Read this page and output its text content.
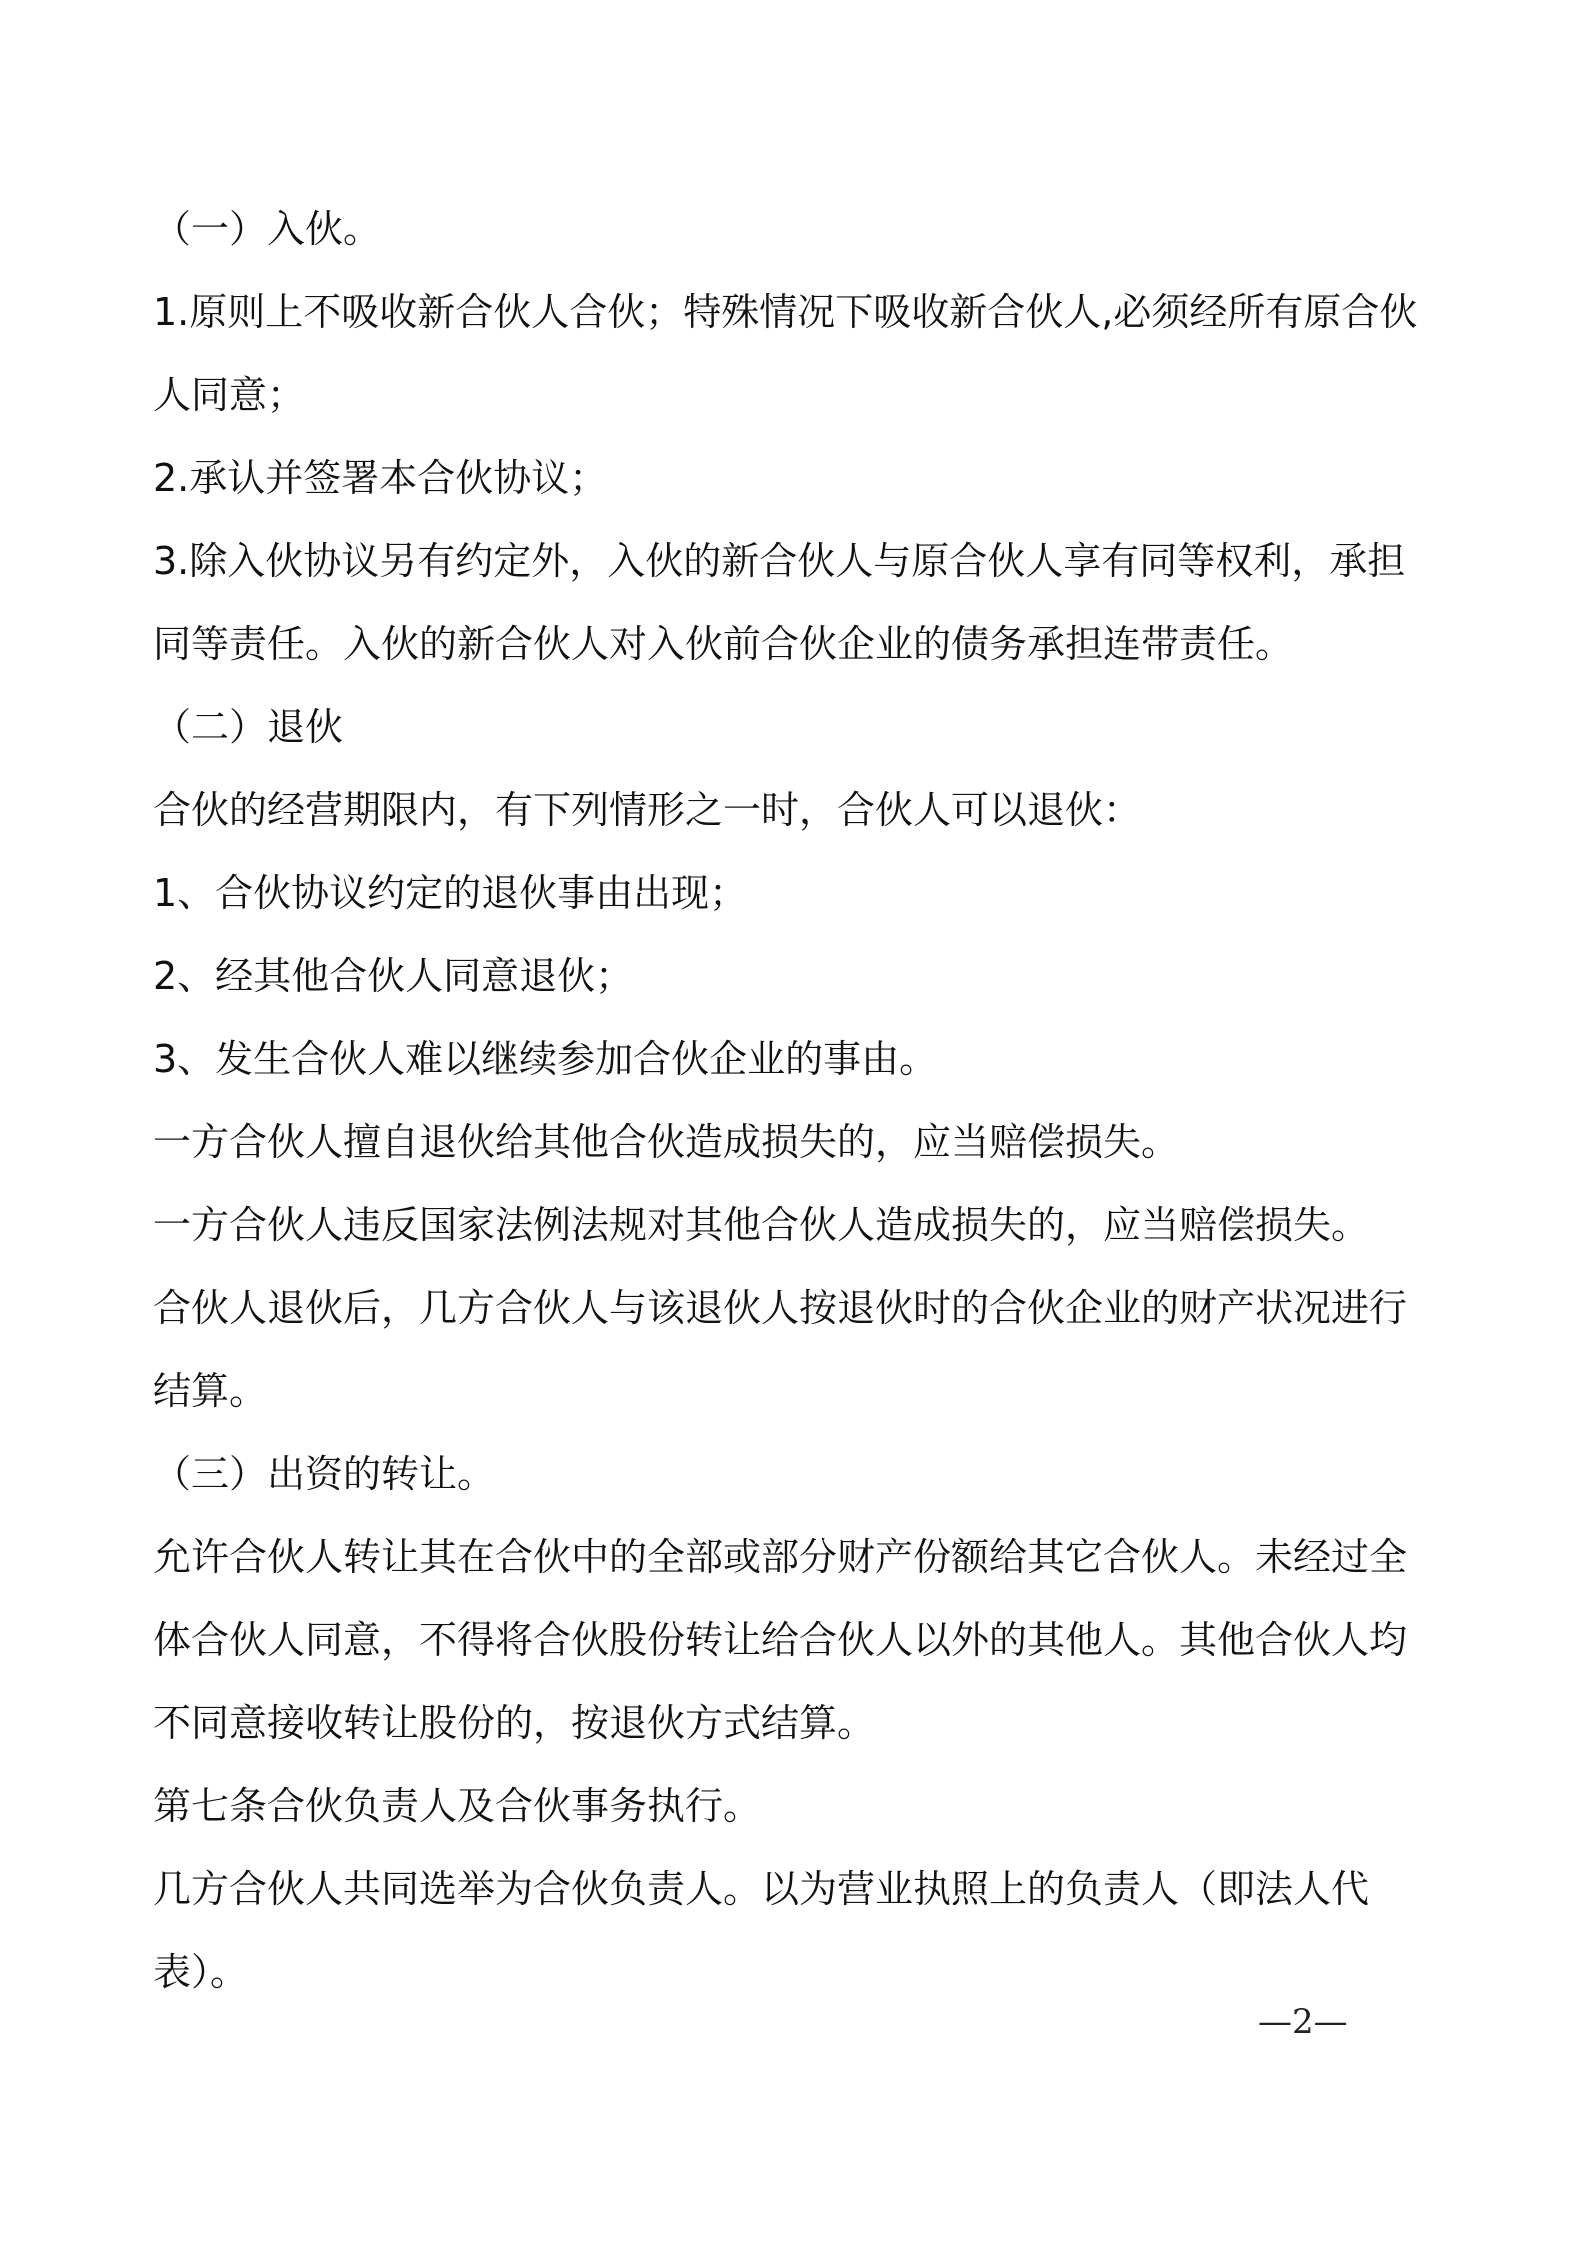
（一）入伙。

1.原则上不吸收新合伙人合伙；特殊情况下吸收新合伙人,必须经所有原合伙人同意；

2.承认并签署本合伙协议；

3.除入伙协议另有约定外，入伙的新合伙人与原合伙人享有同等权利，承担同等责任。入伙的新合伙人对入伙前合伙企业的债务承担连带责任。

（二）退伙

合伙的经营期限内，有下列情形之一时，合伙人可以退伙：

1、合伙协议约定的退伙事由出现；

2、经其他合伙人同意退伙；

3、发生合伙人难以继续参加合伙企业的事由。

一方合伙人擅自退伙给其他合伙造成损失的，应当赔偿损失。

一方合伙人违反国家法例法规对其他合伙人造成损失的，应当赔偿损失。

合伙人退伙后，几方合伙人与该退伙人按退伙时的合伙企业的财产状况进行结算。

（三）出资的转让。

允许合伙人转让其在合伙中的全部或部分财产份额给其它合伙人。未经过全体合伙人同意，不得将合伙股份转让给合伙人以外的其他人。其他合伙人均不同意接收转让股份的，按退伙方式结算。

第七条合伙负责人及合伙事务执行。

几方合伙人共同选举为合伙负责人。以为营业执照上的负责人（即法人代表）。

—2—
